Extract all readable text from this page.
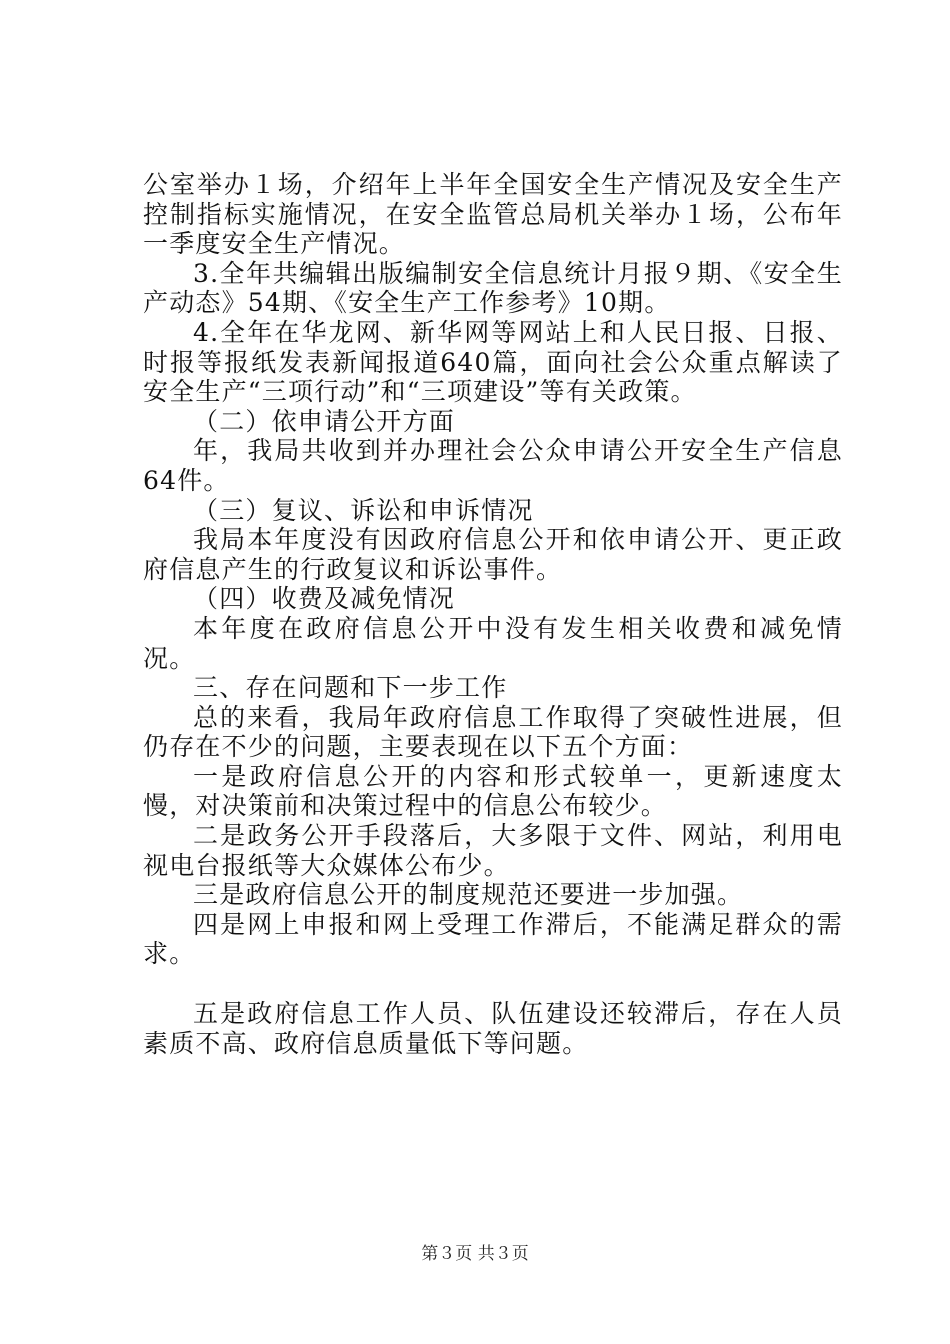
公室举办１场，介绍年上半年全国安全生产情况及安全生产控制指标实施情况，在安全监管总局机关举办１场，公布年一季度安全生产情况。

3.全年共编辑出版编制安全信息统计月报９期、《安全生产动态》54期、《安全生产工作参考》10期。

4.全年在华龙网、新华网等网站上和人民日报、日报、时报等报纸发表新闻报道640篇，面向社会公众重点解读了安全生产“三项行动”和“三项建设”等有关政策。

（二）依申请公开方面

年，我局共收到并办理社会公众申请公开安全生产信息64件。

（三）复议、诉讼和申诉情况

我局本年度没有因政府信息公开和依申请公开、更正政府信息产生的行政复议和诉讼事件。

（四）收费及减免情况

本年度在政府信息公开中没有发生相关收费和减免情况。

三、存在问题和下一步工作

总的来看，我局年政府信息工作取得了突破性进展，但仍存在不少的问题，主要表现在以下五个方面：

一是政府信息公开的内容和形式较单一，更新速度太慢，对决策前和决策过程中的信息公布较少。

二是政务公开手段落后，大多限于文件、网站，利用电视电台报纸等大众媒体公布少。

三是政府信息公开的制度规范还要进一步加强。

四是网上申报和网上受理工作滞后，不能满足群众的需求。

五是政府信息工作人员、队伍建设还较滞后，存在人员素质不高、政府信息质量低下等问题。

第３页 共３页
